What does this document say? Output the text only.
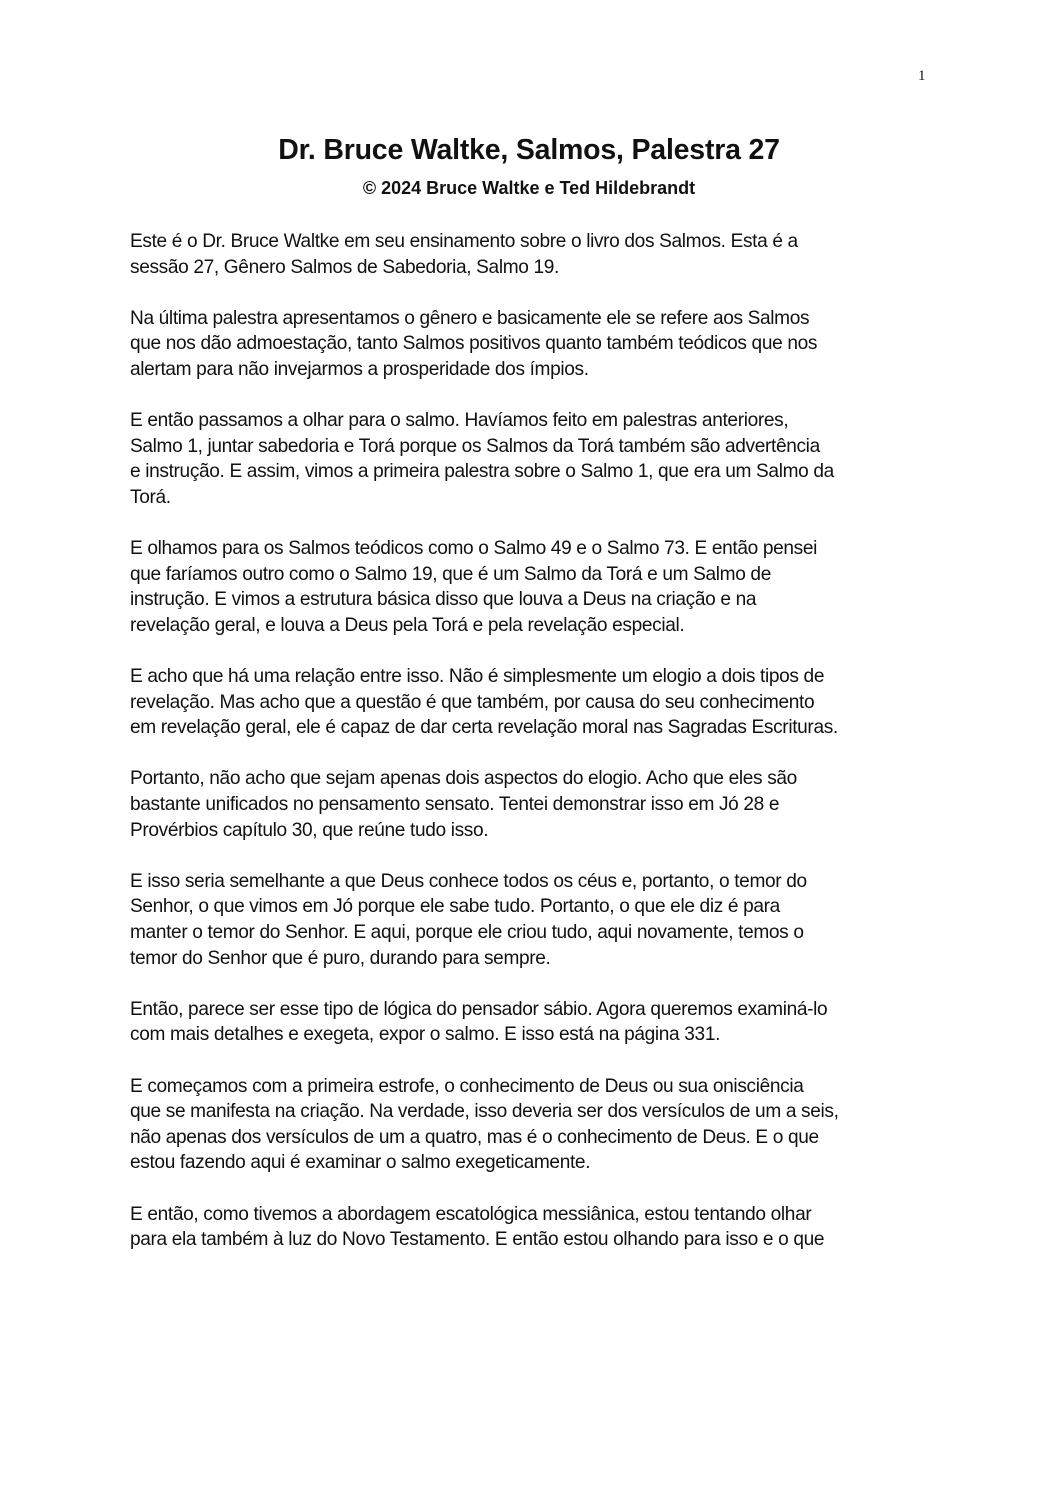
1
Dr. Bruce Waltke, Salmos, Palestra 27
© 2024 Bruce Waltke e Ted Hildebrandt

Este é o Dr. Bruce Waltke em seu ensinamento sobre o livro dos Salmos. Esta é a
sessão 27, Gênero Salmos de Sabedoria, Salmo 19.

Na última palestra apresentamos o gênero e basicamente ele se refere aos Salmos
que nos dão admoestação, tanto Salmos positivos quanto também teódicos que nos
alertam para não invejarmos a prosperidade dos ímpios.

E então passamos a olhar para o salmo. Havíamos feito em palestras anteriores,
Salmo 1, juntar sabedoria e Torá porque os Salmos da Torá também são advertência
e instrução. E assim, vimos a primeira palestra sobre o Salmo 1, que era um Salmo da
Torá.

E olhamos para os Salmos teódicos como o Salmo 49 e o Salmo 73. E então pensei
que faríamos outro como o Salmo 19, que é um Salmo da Torá e um Salmo de
instrução. E vimos a estrutura básica disso que louva a Deus na criação e na
revelação geral, e louva a Deus pela Torá e pela revelação especial.

E acho que há uma relação entre isso. Não é simplesmente um elogio a dois tipos de
revelação. Mas acho que a questão é que também, por causa do seu conhecimento
em revelação geral, ele é capaz de dar certa revelação moral nas Sagradas Escrituras.

Portanto, não acho que sejam apenas dois aspectos do elogio. Acho que eles são
bastante unificados no pensamento sensato. Tentei demonstrar isso em Jó 28 e
Provérbios capítulo 30, que reúne tudo isso.

E isso seria semelhante a que Deus conhece todos os céus e, portanto, o temor do
Senhor, o que vimos em Jó porque ele sabe tudo. Portanto, o que ele diz é para
manter o temor do Senhor. E aqui, porque ele criou tudo, aqui novamente, temos o
temor do Senhor que é puro, durando para sempre.

Então, parece ser esse tipo de lógica do pensador sábio. Agora queremos examiná-lo
com mais detalhes e exegeta, expor o salmo. E isso está na página 331.

E começamos com a primeira estrofe, o conhecimento de Deus ou sua onisciência
que se manifesta na criação. Na verdade, isso deveria ser dos versículos de um a seis,
não apenas dos versículos de um a quatro, mas é o conhecimento de Deus. E o que
estou fazendo aqui é examinar o salmo exegeticamente.

E então, como tivemos a abordagem escatológica messiânica, estou tentando olhar
para ela também à luz do Novo Testamento. E então estou olhando para isso e o que
